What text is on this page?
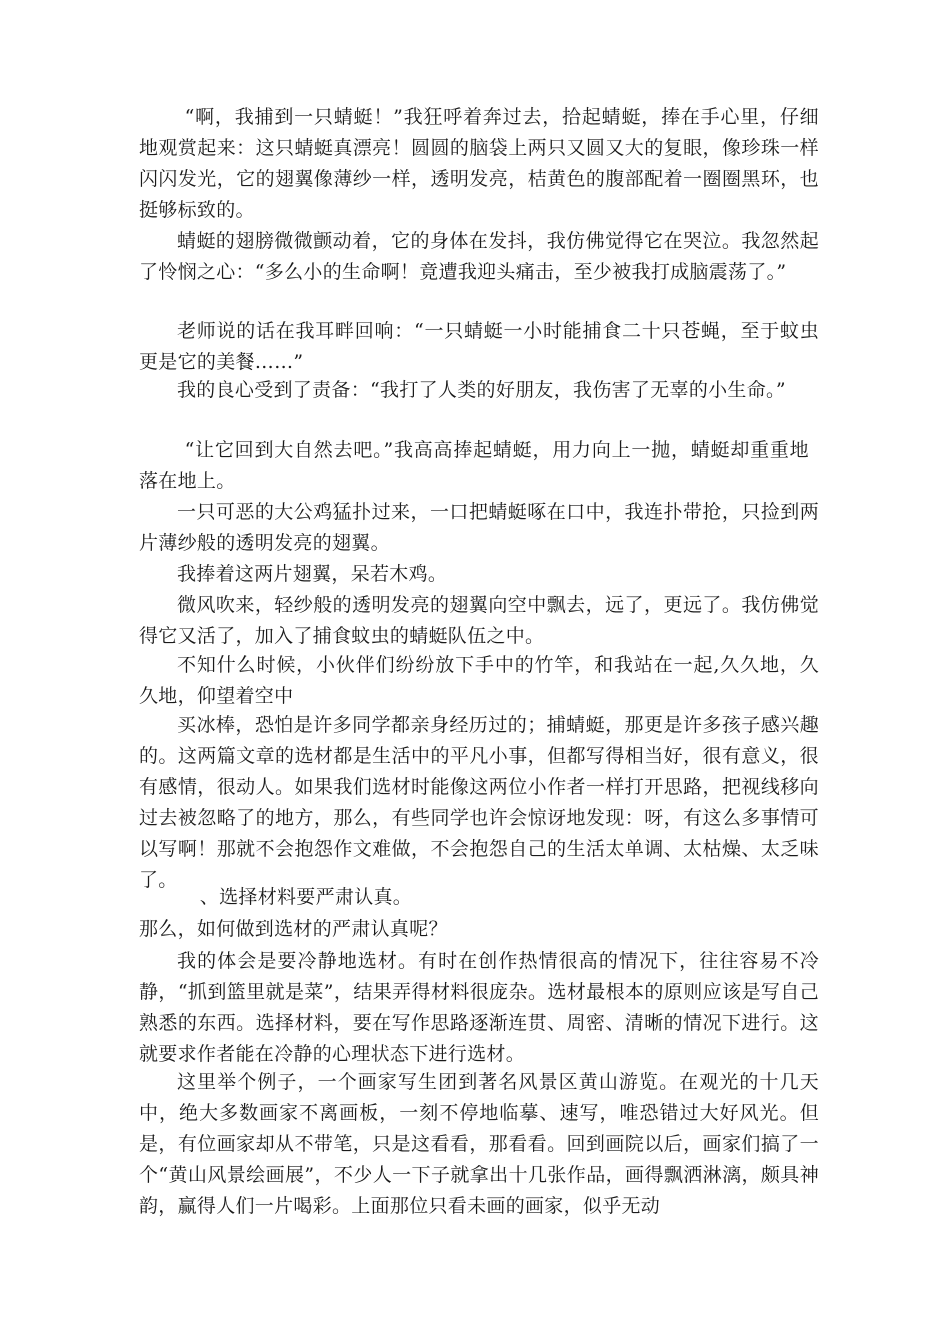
“啊，我捕到一只蜻蜓！”我狂呼着奔过去，拾起蜻蜓，捧在手心里，仔细地观赏起来：这只蜻蜓真漂亮！圆圆的脑袋上两只又圆又大的复眼，像珍珠一样闪闪发光，它的翅翼像薄纱一样，透明发亮，桔黄色的腹部配着一圈圈黑环，也挺够标致的。

蜻蜓的翅膀微微颤动着，它的身体在发抖，我仿佛觉得它在哭泣。我忽然起了怜悯之心：“多么小的生命啊！竟遭我迎头痛击，至少被我打成脑震荡了。”

老师说的话在我耳畔回响：“一只蜻蜓一小时能捕食二十只苍蝇，至于蚊虫更是它的美餐……”

我的良心受到了责备：“我打了人类的好朋友，我伤害了无辜的小生命。”

“让它回到大自然去吧。”我高高捧起蜻蜓，用力向上一抛，蜻蜓却重重地落在地上。

一只可恶的大公鸡猛扑过来，一口把蜻蜓啄在口中，我连扑带抢，只捡到两片薄纱般的透明发亮的翅翼。

我捧着这两片翅翼，呆若木鸡。

微风吹来，轻纱般的透明发亮的翅翼向空中飘去，远了，更远了。我仿佛觉得它又活了，加入了捕食蚊虫的蜻蜓队伍之中。

不知什么时候，小伙伴们纷纷放下手中的竹竿，和我站在一起,久久地，久久地，仰望着空中

买冰棒，恐怕是许多同学都亲身经历过的；捕蜻蜓，那更是许多孩子感兴趣的。这两篇文章的选材都是生活中的平凡小事，但都写得相当好，很有意义，很有感情，很动人。如果我们选材时能像这两位小作者一样打开思路，把视线移向过去被忽略了的地方，那么，有些同学也许会惊讶地发现：呀，有这么多事情可以写啊！那就不会抱怨作文难做，不会抱怨自己的生活太单调、太枯燥、太乏味了。

、选择材料要严肃认真。

那么，如何做到选材的严肃认真呢？

我的体会是要冷静地选材。有时在创作热情很高的情况下，往往容易不冷静，“抓到篮里就是菜”，结果弄得材料很庞杂。选材最根本的原则应该是写自己熟悉的东西。选择材料，要在写作思路逐渐连贯、周密、清晰的情况下进行。这就要求作者能在冷静的心理状态下进行选材。

这里举个例子，一个画家写生团到著名风景区黄山游览。在观光的十几天中，绝大多数画家不离画板，一刻不停地临摹、速写，唯恐错过大好风光。但是，有位画家却从不带笔，只是这看看，那看看。回到画院以后，画家们搞了一个“黄山风景绘画展”，不少人一下子就拿出十几张作品，画得飘洒淋漓，颇具神韵，赢得人们一片喝彩。上面那位只看未画的画家，似乎无动
